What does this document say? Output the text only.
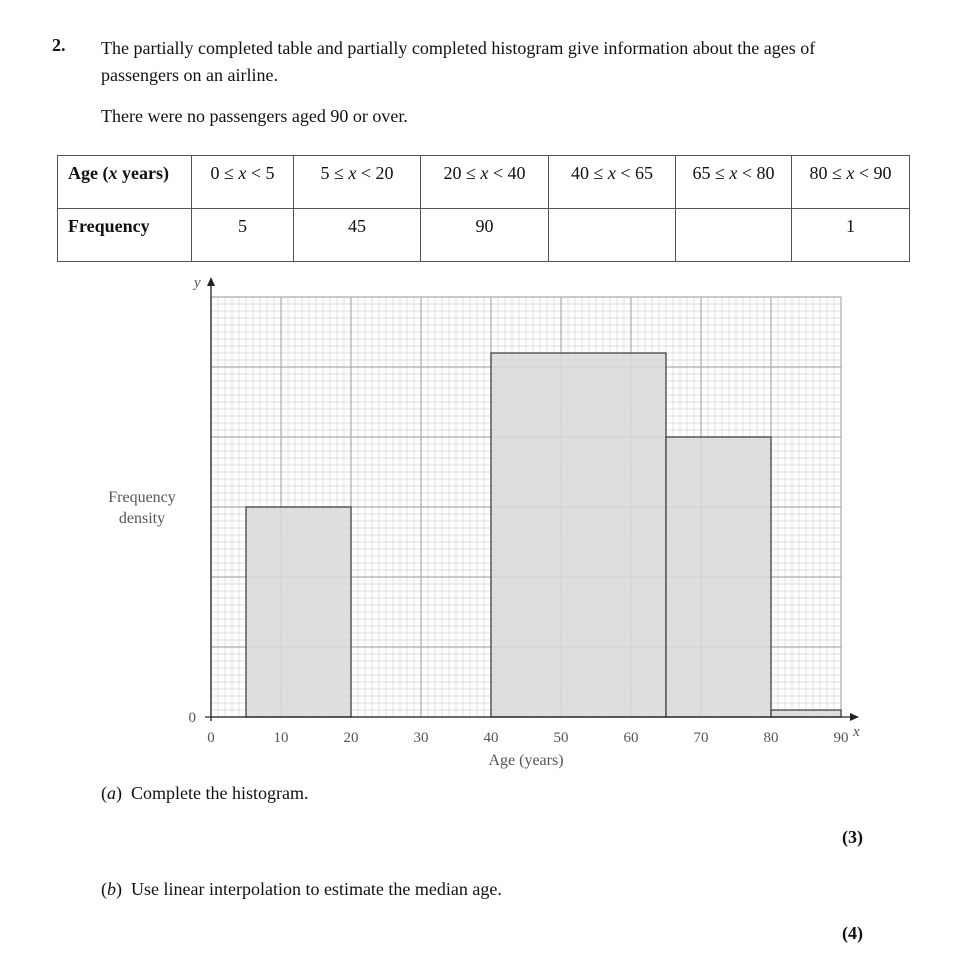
2. The partially completed table and partially completed histogram give information about the ages of passengers on an airline.
There were no passengers aged 90 or over.
Age (x years)	0 ≤ x < 5	5 ≤ x < 20	20 ≤ x < 40	40 ≤ x < 65	65 ≤ x < 80	80 ≤ x < 90
Frequency	5	45	90			1
0	10	20	30	40	50	60	70	80	90
0
x
y
Age (years)
Frequency
density
(a)  Complete the histogram.
(3)
(b)  Use linear interpolation to estimate the median age.
(4)
